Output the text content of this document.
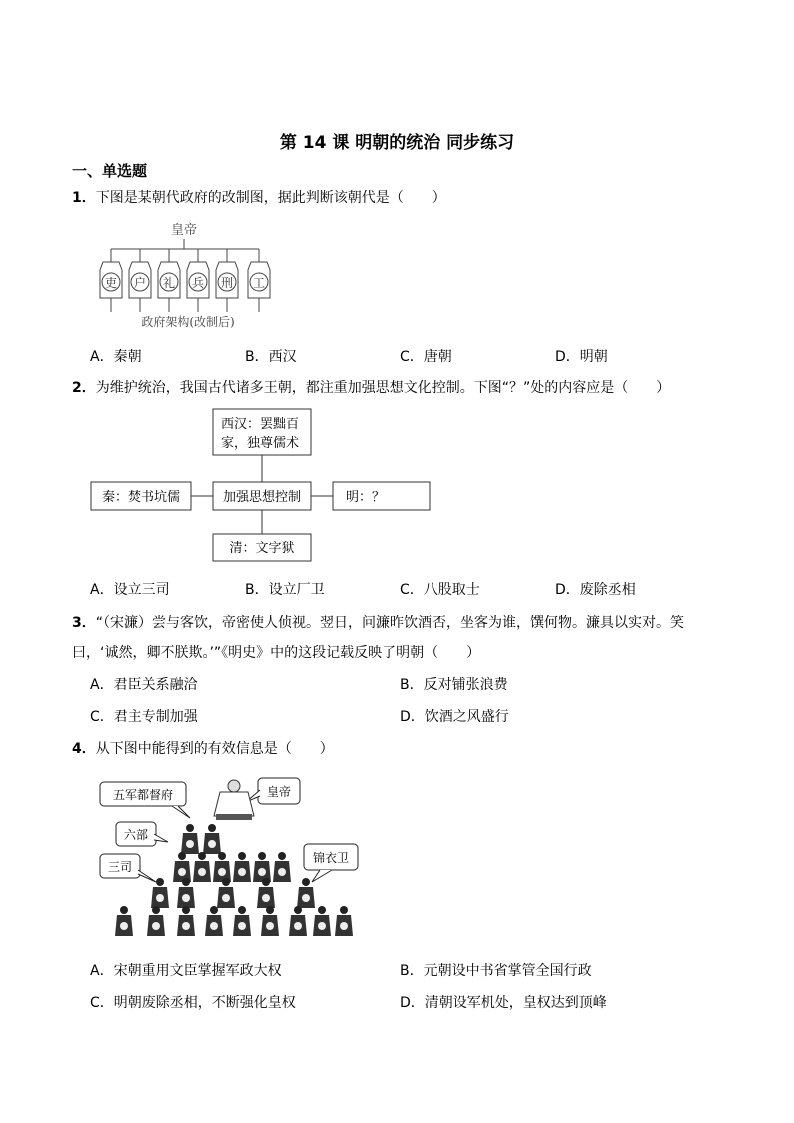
第 14 课 明朝的统治 同步练习
一、单选题
1．下图是某朝代政府的改制图，据此判断该朝代是（　　）
皇帝
吏 户 礼 兵 刑 工
政府架构(改制后)
A．秦朝	B．西汉	C．唐朝	D．明朝
2．为维护统治，我国古代诸多王朝，都注重加强思想文化控制。下图“？”处的内容应是（　　）
西汉：罢黜百
家，独尊儒术
秦：焚书坑儒	加强思想控制	明：？
清：文字狱
A．设立三司	B．设立厂卫	C．八股取士	D．废除丞相
3．“（宋濂）尝与客饮，帝密使人侦视。翌日，问濂昨饮酒否，坐客为谁，馔何物。濂具以实对。笑
曰，‘诚然，卿不朕欺。’”《明史》中的这段记载反映了明朝（　　）
A．君臣关系融洽	B．反对铺张浪费
C．君主专制加强	D．饮酒之风盛行
4．从下图中能得到的有效信息是（　　）
五军都督府	皇帝
六部
三司
锦衣卫
A．宋朝重用文臣掌握军政大权	B．元朝设中书省掌管全国行政
C．明朝废除丞相，不断强化皇权	D．清朝设军机处，皇权达到顶峰
